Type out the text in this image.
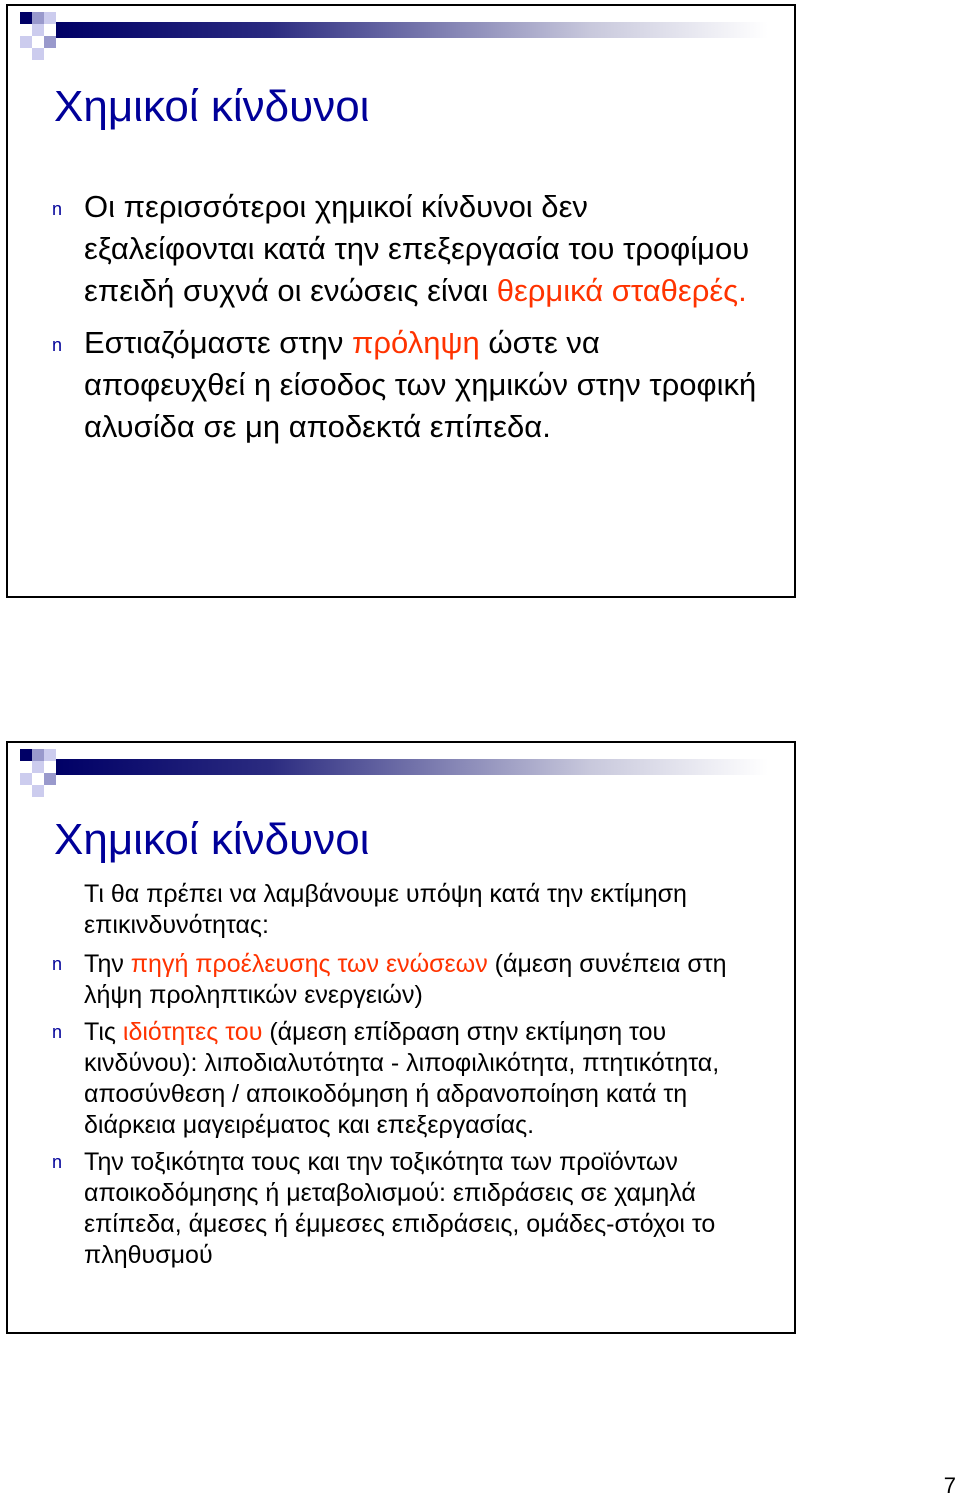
Χημικοί κίνδυνοι
n Οι περισσότεροι χημικοί κίνδυνοι δεν εξαλείφονται κατά την επεξεργασία του τροφίμου επειδή συχνά οι ενώσεις είναι θερμικά σταθερές.
n Εστιαζόμαστε στην πρόληψη ώστε να αποφευχθεί η είσοδος των χημικών στην τροφική αλυσίδα σε μη αποδεκτά επίπεδα.
Χημικοί κίνδυνοι
Τι θα πρέπει να λαμβάνουμε υπόψη κατά την εκτίμηση επικινδυνότητας:
n Την πηγή προέλευσης των ενώσεων (άμεση συνέπεια στη λήψη προληπτικών ενεργειών)
n Τις ιδιότητες του (άμεση επίδραση στην εκτίμηση του κινδύνου): λιποδιαλυτότητα - λιποφιλικότητα, πτητικότητα, αποσύνθεση / αποικοδόμηση ή αδρανοποίηση κατά τη διάρκεια μαγειρέματος και επεξεργασίας.
n Την τοξικότητα τους και την τοξικότητα των προϊόντων αποικοδόμησης ή μεταβολισμού: επιδράσεις σε χαμηλά επίπεδα, άμεσες ή έμμεσες επιδράσεις, ομάδες-στόχοι το πληθυσμού
7
